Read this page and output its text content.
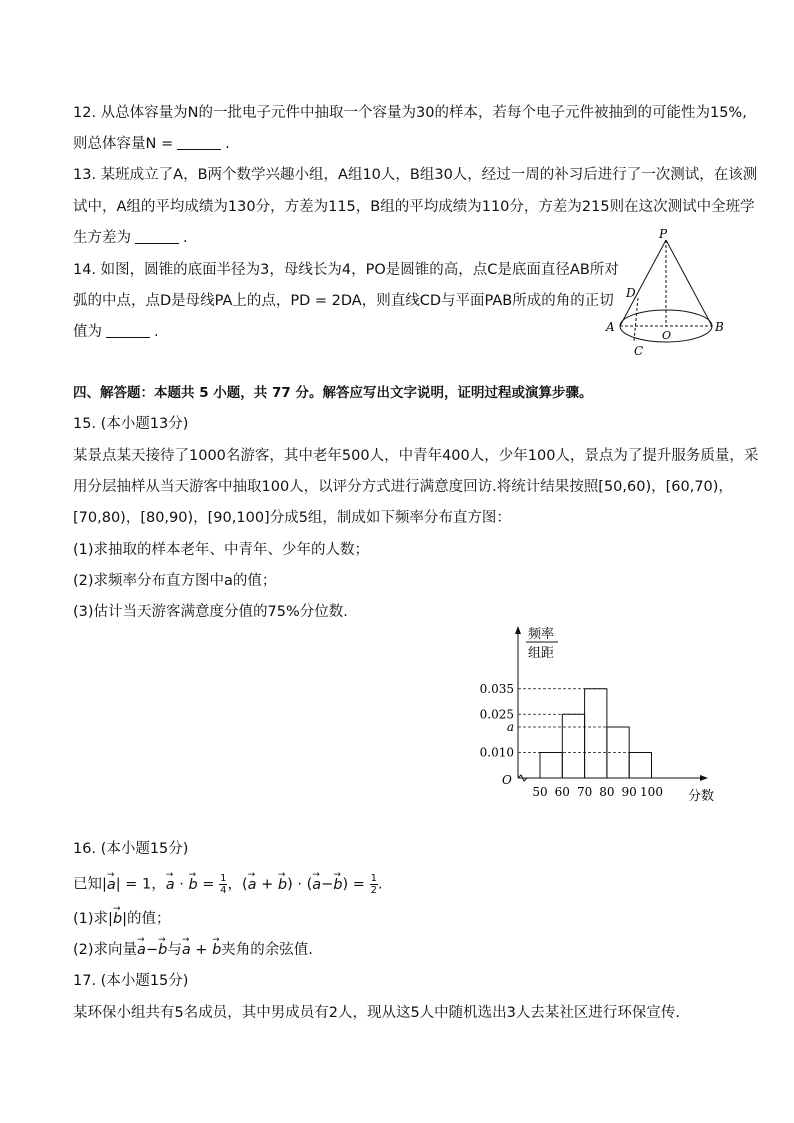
12. 从总体容量为N的一批电子元件中抽取一个容量为30的样本，若每个电子元件被抽到的可能性为15%,
则总体容量N =	.
13. 某班成立了A，B两个数学兴趣小组，A组10人，B组30人，经过一周的补习后进行了一次测试，在该测
试中，A组的平均成绩为130分，方差为115，B组的平均成绩为110分，方差为215则在这次测试中全班学
生方差为	.
14. 如图，圆锥的底面半径为3，母线长为4，PO是圆锥的高，点C是底面直径AB所对
弧的中点，点D是母线PA上的点，PD = 2DA，则直线CD与平面PAB所成的角的正切
值为	.
P
D
A	B
O
C
四、解答题：本题共 5 小题，共 77 分。解答应写出文字说明，证明过程或演算步骤。
15. (本小题13分)
某景点某天接待了1000名游客，其中老年500人，中青年400人，少年100人，景点为了提升服务质量，采
用分层抽样从当天游客中抽取100人，以评分方式进行满意度回访.将统计结果按照[50,60)，[60,70)，
[70,80)，[80,90)，[90,100]分成5组，制成如下频率分布直方图：
(1)求抽取的样本老年、中青年、少年的人数；
(2)求频率分布直方图中a的值；
(3)估计当天游客满意度分值的75%分位数.
频率
组距
分数
O
0.035
0.025
a
0.010
50 60 70 80 90 100
16. (本小题15分)
已知|→ a| = 1，→ a · → $b = \frac{1}{4}$ ，(→ a + → b) · (→ $a-\to b) = \frac{1}{2}$ .
(1)求|→ b|的值；
(2)求向量→ a−→ b与→ a + → b夹角的余弦值.
17. (本小题15分)
某环保小组共有5名成员，其中男成员有2人，现从这5人中随机选出3人去某社区进行环保宣传.
